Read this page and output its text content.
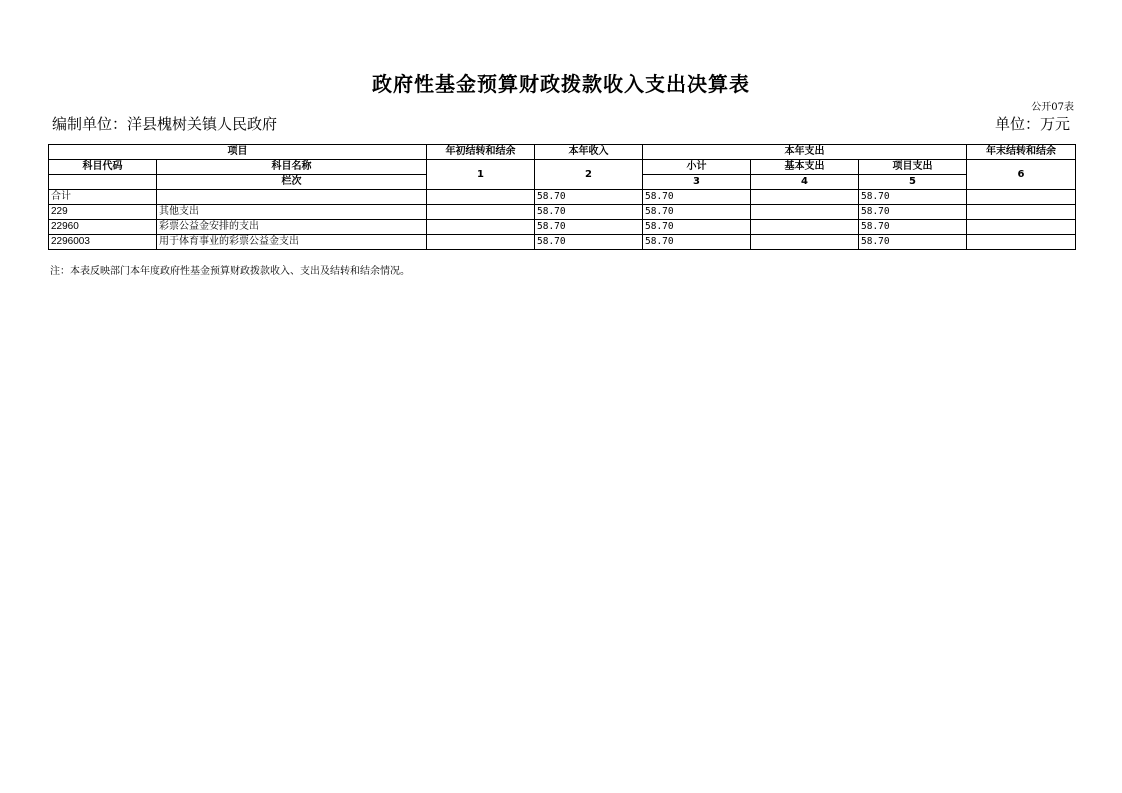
政府性基金预算财政拨款收入支出决算表
公开07表
编制单位：洋县槐树关镇人民政府	单位：万元
项目		年初结转和结余	本年收入	本年支出			年末结转和结余
科目代码	科目名称	1	2	小计	基本支出	项目支出	6
	栏次			3	4	5	
合计			58.70	58.70		58.70	
229	其他支出		58.70	58.70		58.70	
22960	彩票公益金安排的支出		58.70	58.70		58.70	
2296003	用于体育事业的彩票公益金支出		58.70	58.70		58.70	
注：本表反映部门本年度政府性基金预算财政拨款收入、支出及结转和结余情况。
